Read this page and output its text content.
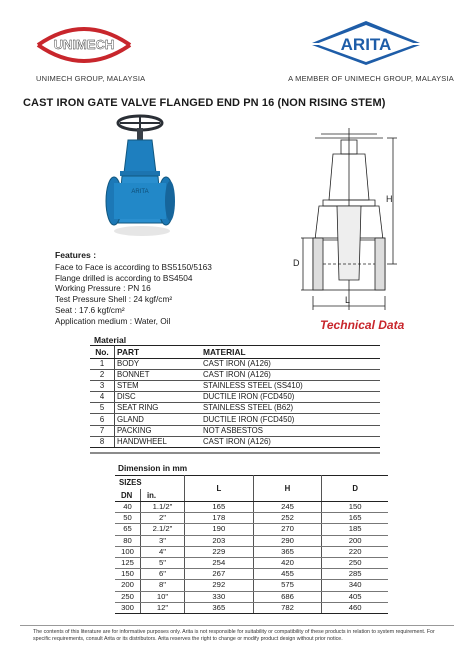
UNIMECH	ARITA
UNIMECH GROUP, MALAYSIA	A MEMBER OF UNIMECH GROUP, MALAYSIA
CAST IRON GATE VALVE FLANGED END PN 16 (NON RISING STEM)
ARITA
H
D
L
Features :
Face to Face is according to BS5150/5163
Flange drilled is according to BS4504
Working Pressure : PN 16
Test Pressure Shell : 24 kgf/cm²
Seat : 17.6 kgf/cm²
Application medium : Water, Oil	Technical Data
Material
No.	PART	MATERIAL
1	BODY	CAST IRON (A126)
2	BONNET	CAST IRON (A126)
3	STEM	STAINLESS STEEL (SS410)
4	DISC	DUCTILE IRON (FCD450)
5	SEAT RING	STAINLESS STEEL (B62)
6	GLAND	DUCTILE IRON (FCD450)
7	PACKING	NOT ASBESTOS
8	HANDWHEEL	CAST IRON (A126)
Dimension in mm
SIZES		L	H	D
DN	in.			
40	1.1/2"	165	245	150
50	2"	178	252	165
65	2.1/2"	190	270	185
80	3"	203	290	200
100	4"	229	365	220
125	5"	254	420	250
150	6"	267	455	285
200	8"	292	575	340
250	10"	330	686	405
300	12"	365	782	460
The contents of this literature are for informative purposes only. Arita is not responsible for suitability or compatibility of these products in relation to system requirement. For specific requirements, consult Arita or its distributors. Arita reserves the right to change or modify product design without prior notice.
